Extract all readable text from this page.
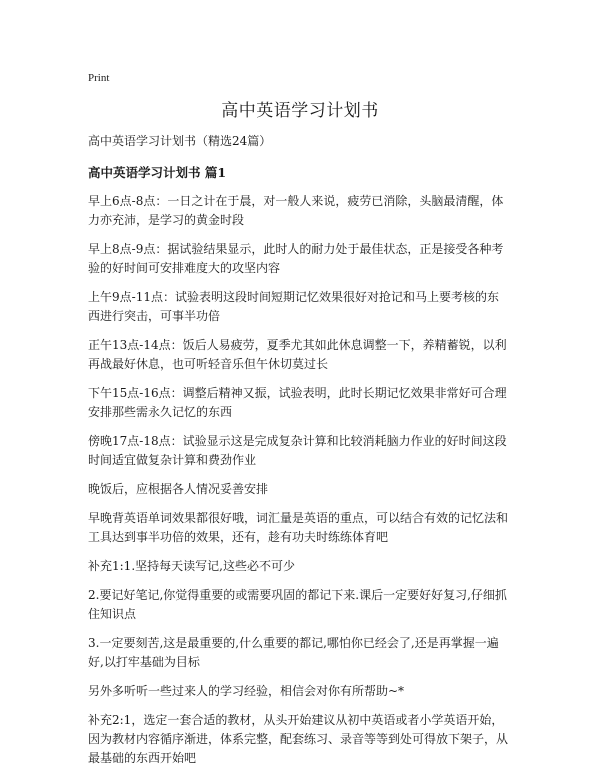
Print
高中英语学习计划书

高中英语学习计划书（精选24篇）

高中英语学习计划书 篇1

早上6点-8点：一日之计在于晨，对一般人来说，疲劳已消除，头脑最清醒，体力亦充沛，是学习的黄金时段

早上8点-9点：据试验结果显示，此时人的耐力处于最佳状态，正是接受各种考验的好时间可安排难度大的攻坚内容

上午9点-11点：试验表明这段时间短期记忆效果很好对抢记和马上要考核的东西进行突击，可事半功倍

正午13点-14点：饭后人易疲劳，夏季尤其如此休息调整一下，养精蓄锐，以利再战最好休息，也可听轻音乐但午休切莫过长

下午15点-16点：调整后精神又振，试验表明，此时长期记忆效果非常好可合理安排那些需永久记忆的东西

傍晚17点-18点：试验显示这是完成复杂计算和比较消耗脑力作业的好时间这段时间适宜做复杂计算和费劲作业

晚饭后，应根据各人情况妥善安排

早晚背英语单词效果都很好哦，词汇量是英语的重点，可以结合有效的记忆法和工具达到事半功倍的效果，还有，趁有功夫时练练体育吧

补充1:1.坚持每天读写记,这些必不可少

2.要记好笔记,你觉得重要的或需要巩固的都记下来.课后一定要好好复习,仔细抓住知识点

3.一定要刻苦,这是最重要的,什么重要的都记,哪怕你已经会了,还是再掌握一遍好,以打牢基础为目标

另外多听听一些过来人的学习经验，相信会对你有所帮助~*

补充2:1，选定一套合适的教材，从头开始建议从初中英语或者小学英语开始，因为教材内容循序渐进，体系完整，配套练习、录音等等到处可得放下架子，从最基础的东西开始吧
